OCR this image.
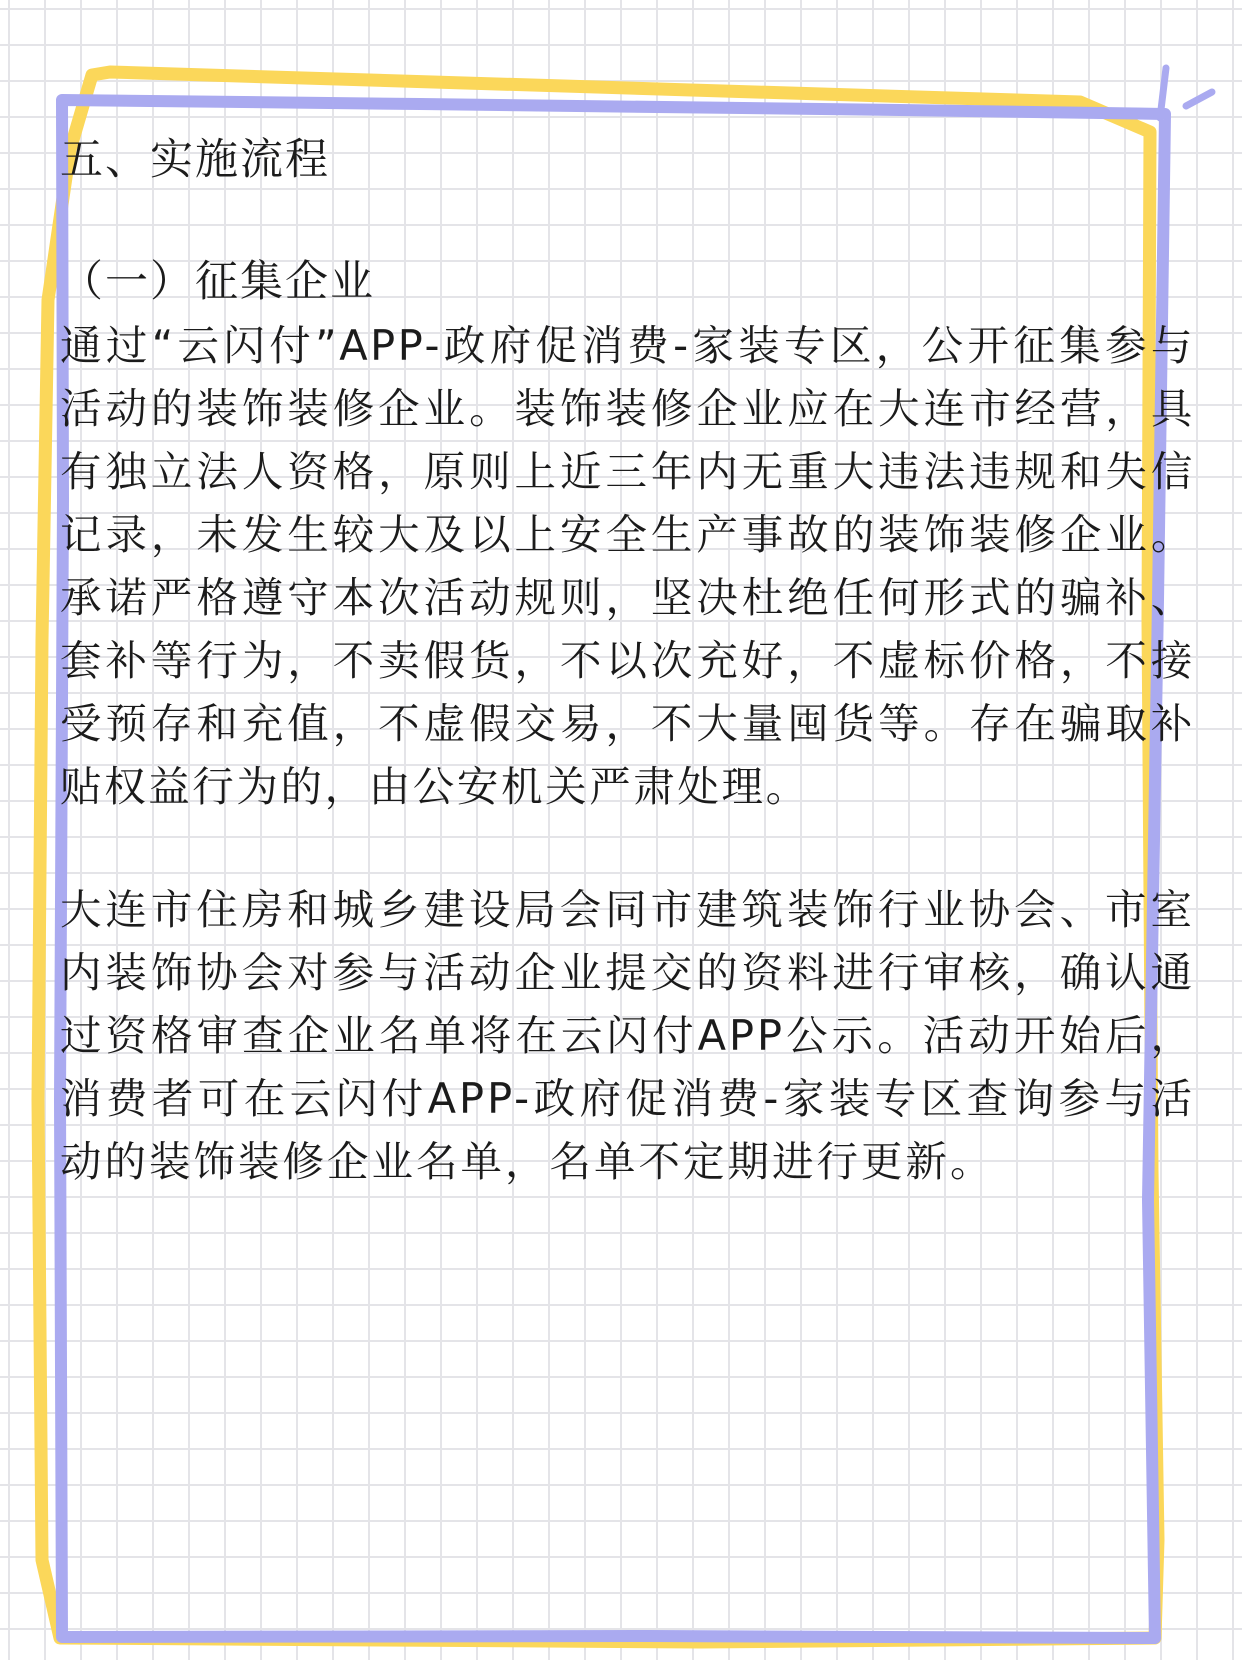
五、实施流程

（一）征集企业

通过“云闪付”APP-政府促消费-家装专区，公开征集参与活动的装饰装修企业。装饰装修企业应在大连市经营，具有独立法人资格，原则上近三年内无重大违法违规和失信记录，未发生较大及以上安全生产事故的装饰装修企业。承诺严格遵守本次活动规则，坚决杜绝任何形式的骗补、套补等行为，不卖假货，不以次充好，不虚标价格，不接受预存和充值，不虚假交易，不大量囤货等。存在骗取补贴权益行为的，由公安机关严肃处理。

大连市住房和城乡建设局会同市建筑装饰行业协会、市室内装饰协会对参与活动企业提交的资料进行审核，确认通过资格审查企业名单将在云闪付APP公示。活动开始后，消费者可在云闪付APP-政府促消费-家装专区查询参与活动的装饰装修企业名单，名单不定期进行更新。
